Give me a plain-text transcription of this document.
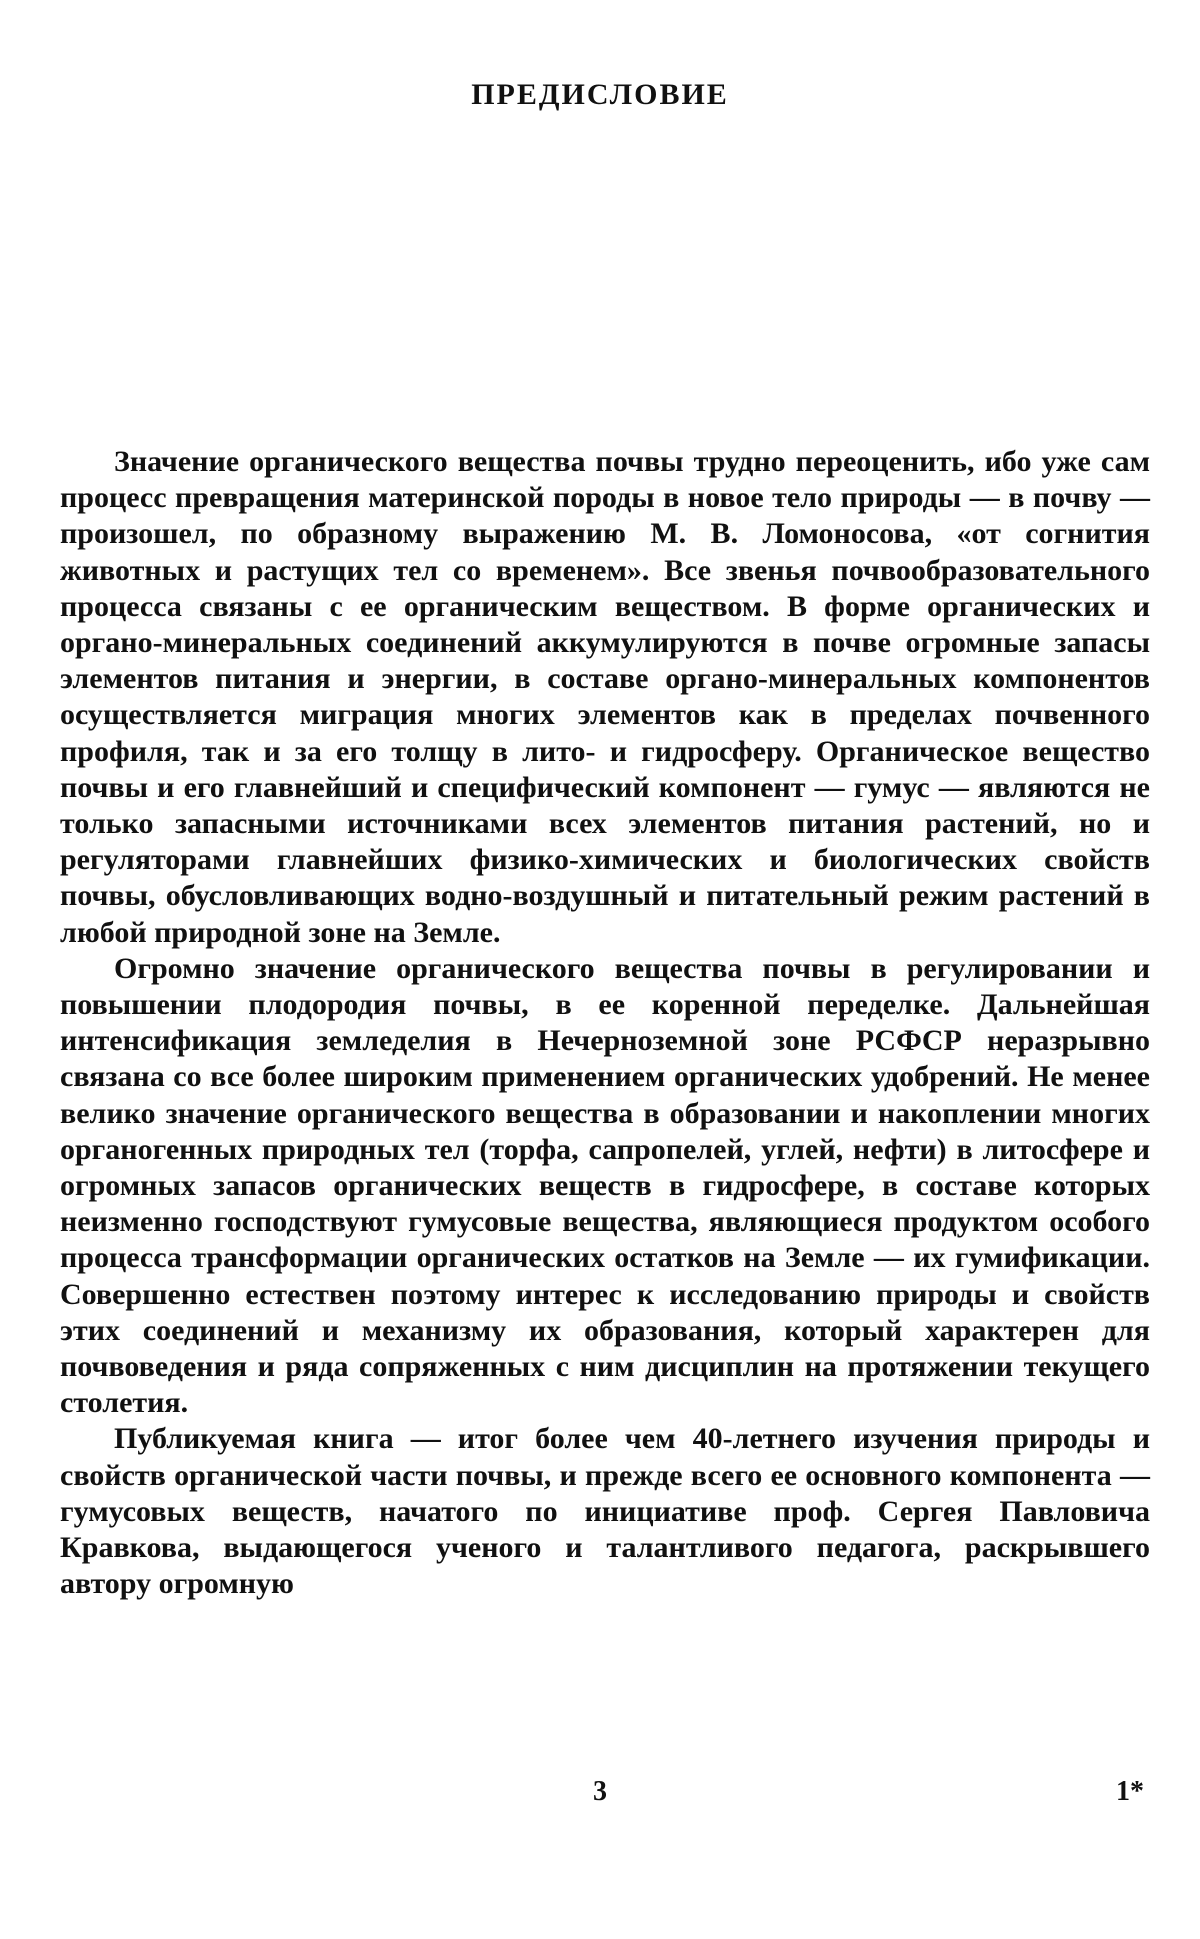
ПРЕДИСЛОВИЕ

Значение органического вещества почвы трудно переоценить, ибо уже сам процесс превращения материнской породы в новое тело природы — в почву — произошел, по образному выражению М. В. Ломоносова, «от согнития животных и растущих тел со временем». Все звенья почвообразовательного процесса связаны с ее органическим веществом. В форме органических и органо-минеральных соединений аккумулируются в почве огромные запасы элементов питания и энергии, в составе органо-минеральных компонентов осуществляется миграция многих элементов как в пределах почвенного профиля, так и за его толщу в лито- и гидросферу. Органическое вещество почвы и его главнейший и специфический компонент — гумус — являются не только запасными источниками всех элементов питания растений, но и регуляторами главнейших физико-химических и биологических свойств почвы, обусловливающих водно-воздушный и питательный режим растений в любой природной зоне на Земле.

Огромно значение органического вещества почвы в регулировании и повышении плодородия почвы, в ее коренной переделке. Дальнейшая интенсификация земледелия в Нечерноземной зоне РСФСР неразрывно связана со все более широким применением органических удобрений. Не менее велико значение органического вещества в образовании и накоплении многих органогенных природных тел (торфа, сапропелей, углей, нефти) в литосфере и огромных запасов органических веществ в гидросфере, в составе которых неизменно господствуют гумусовые вещества, являющиеся продуктом особого процесса трансформации органических остатков на Земле — их гумификации. Совершенно естествен поэтому интерес к исследованию природы и свойств этих соединений и механизму их образования, который характерен для почвоведения и ряда сопряженных с ним дисциплин на протяжении текущего столетия.

Публикуемая книга — итог более чем 40-летнего изучения природы и свойств органической части почвы, и прежде всего ее основного компонента — гумусовых веществ, начатого по инициативе проф. Сергея Павловича Кравкова, выдающегося ученого и талантливого педагога, раскрывшего автору огромную

3	1*
